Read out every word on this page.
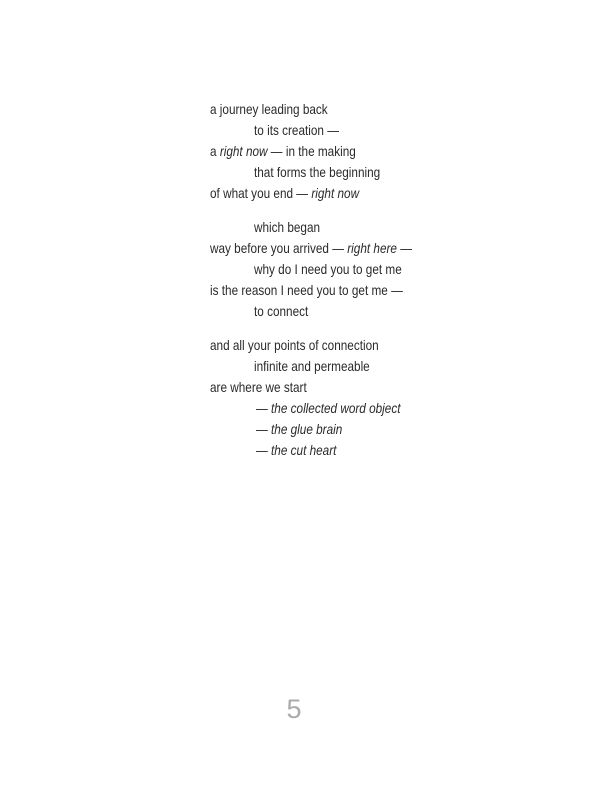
a journey leading back
to its creation —
a right now — in the making
that forms the beginning
of what you end — right now
which began
way before you arrived — right here —
why do I need you to get me
is the reason I need you to get me —
to connect
and all your points of connection
infinite and permeable
are where we start
— the collected word object
— the glue brain
— the cut heart
5
